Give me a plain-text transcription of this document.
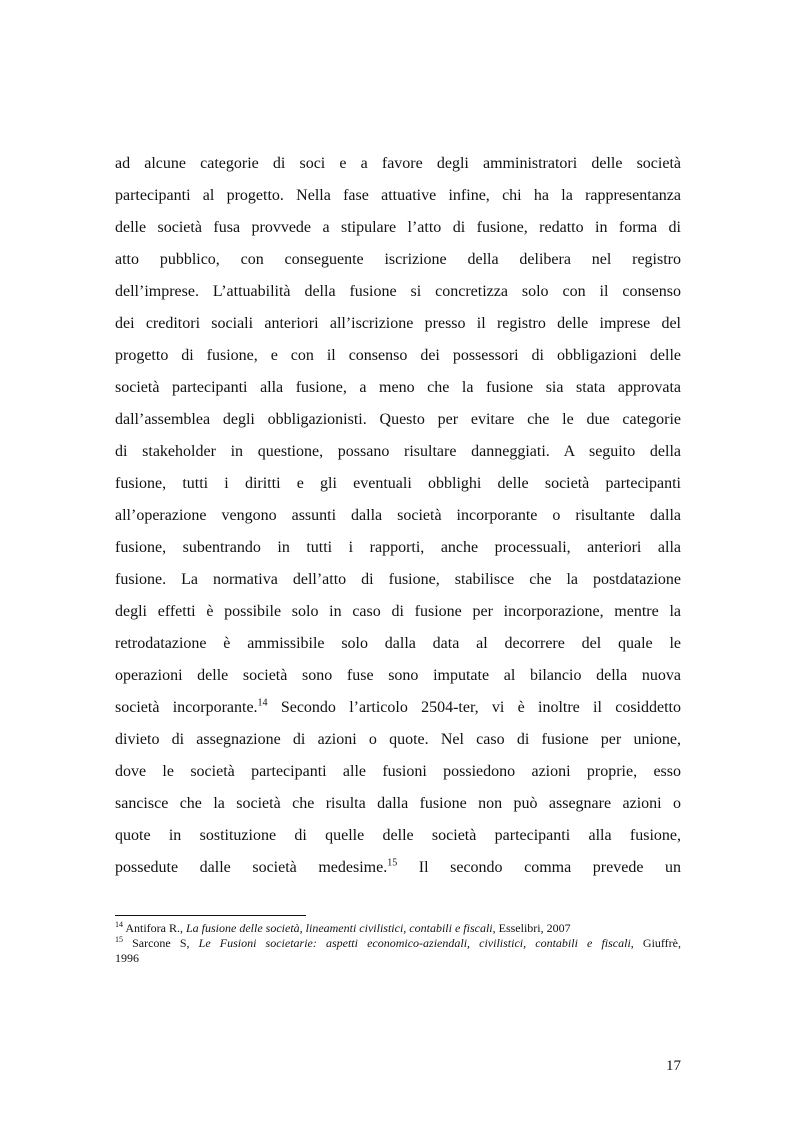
ad alcune categorie di soci e a favore degli amministratori delle società
partecipanti al progetto. Nella fase attuative infine, chi ha la rappresentanza
delle società fusa provvede a stipulare l’atto di fusione, redatto in forma di
atto pubblico, con conseguente iscrizione della delibera nel registro
dell’imprese. L’attuabilità della fusione si concretizza solo con il consenso
dei creditori sociali anteriori all’iscrizione presso il registro delle imprese del
progetto di fusione, e con il consenso dei possessori di obbligazioni delle
società partecipanti alla fusione, a meno che la fusione sia stata approvata
dall’assemblea degli obbligazionisti. Questo per evitare che le due categorie
di stakeholder in questione, possano risultare danneggiati. A seguito della
fusione, tutti i diritti e gli eventuali obblighi delle società partecipanti
all’operazione vengono assunti dalla società incorporante o risultante dalla
fusione, subentrando in tutti i rapporti, anche processuali, anteriori alla
fusione. La normativa dell’atto di fusione, stabilisce che la postdatazione
degli effetti è possibile solo in caso di fusione per incorporazione, mentre la
retrodatazione è ammissibile solo dalla data al decorrere del quale le
operazioni delle società sono fuse sono imputate al bilancio della nuova
società incorporante.$^{14}$ Secondo l’articolo 2504-ter, vi è inoltre il cosiddetto
divieto di assegnazione di azioni o quote. Nel caso di fusione per unione,
dove le società partecipanti alle fusioni possiedono azioni proprie, esso
sancisce che la società che risulta dalla fusione non può assegnare azioni o
quote in sostituzione di quelle delle società partecipanti alla fusione,
possedute dalle società medesime.$^{15}$ Il secondo comma prevede un
$^{14}$ Antifora R., La fusione delle società, lineamenti civilistici, contabili e fiscali, Esselibri, 2007
$^{15}$ Sarcone S, Le Fusioni societarie: aspetti economico-aziendali, civilistici, contabili e fiscali, Giuffrè,
1996
17
